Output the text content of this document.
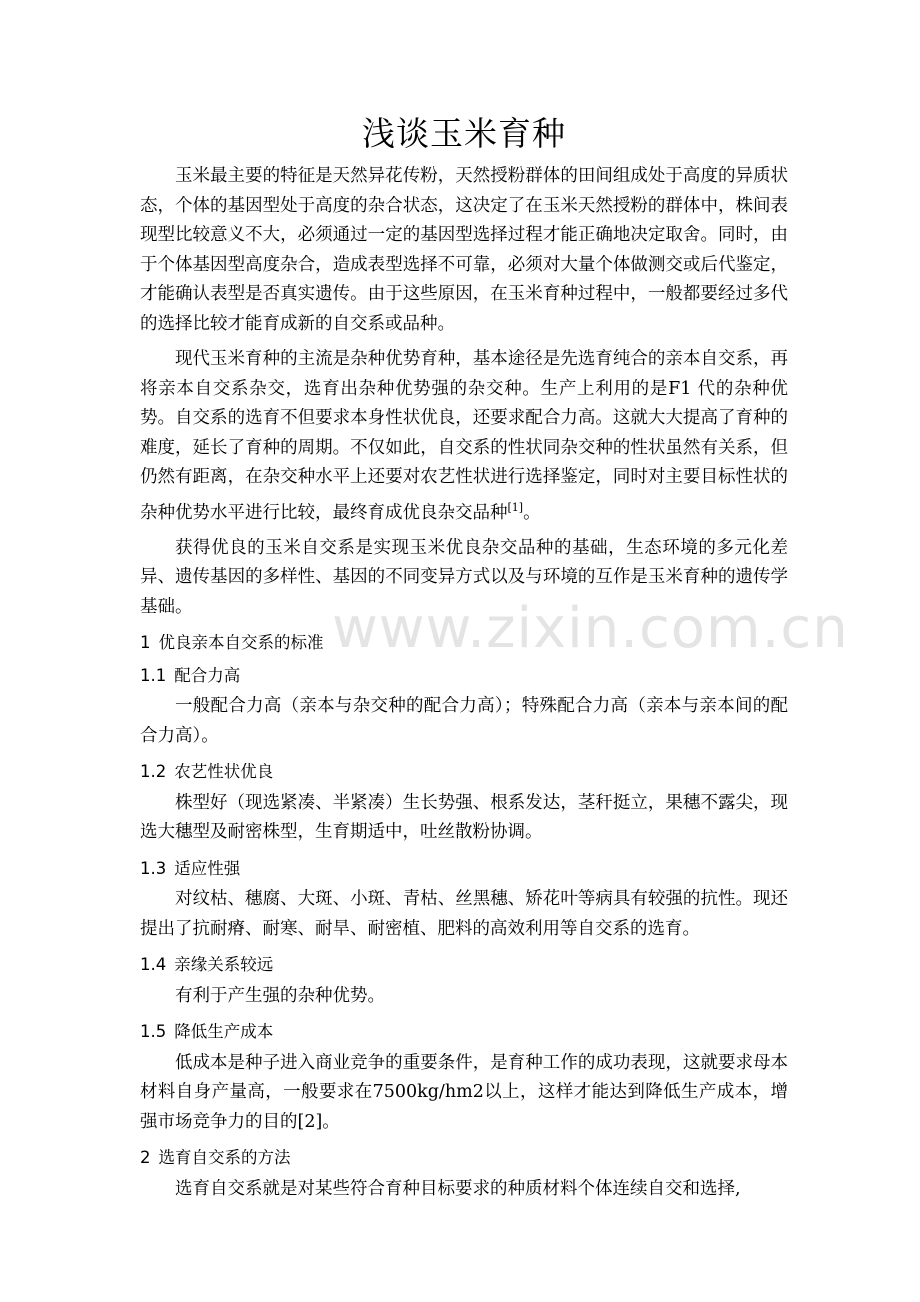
www.zixin.com.cn
浅谈玉米育种

玉米最主要的特征是天然异花传粉，天然授粉群体的田间组成处于高度的异质状态，个体的基因型处于高度的杂合状态，这决定了在玉米天然授粉的群体中，株间表现型比较意义不大，必须通过一定的基因型选择过程才能正确地决定取舍。同时，由于个体基因型高度杂合，造成表型选择不可靠，必须对大量个体做测交或后代鉴定，才能确认表型是否真实遗传。由于这些原因，在玉米育种过程中，一般都要经过多代的选择比较才能育成新的自交系或品种。

现代玉米育种的主流是杂种优势育种，基本途径是先选育纯合的亲本自交系，再将亲本自交系杂交，选育出杂种优势强的杂交种。生产上利用的是F1 代的杂种优势。自交系的选育不但要求本身性状优良，还要求配合力高。这就大大提高了育种的难度，延长了育种的周期。不仅如此，自交系的性状同杂交种的性状虽然有关系，但仍然有距离，在杂交种水平上还要对农艺性状进行选择鉴定，同时对主要目标性状的杂种优势水平进行比较，最终育成优良杂交品种[1]。

获得优良的玉米自交系是实现玉米优良杂交品种的基础，生态环境的多元化差异、遗传基因的多样性、基因的不同变异方式以及与环境的互作是玉米育种的遗传学基础。

1 优良亲本自交系的标准
1.1 配合力高

一般配合力高（亲本与杂交种的配合力高）；特殊配合力高（亲本与亲本间的配合力高）。

1.2 农艺性状优良

株型好（现选紧凑、半紧凑）生长势强、根系发达，茎秆挺立，果穗不露尖，现选大穗型及耐密株型，生育期适中，吐丝散粉协调。

1.3 适应性强

对纹枯、穗腐、大斑、小斑、青枯、丝黑穗、矫花叶等病具有较强的抗性。现还提出了抗耐瘠、耐寒、耐旱、耐密植、肥料的高效利用等自交系的选育。

1.4 亲缘关系较远

有利于产生强的杂种优势。

1.5 降低生产成本

低成本是种子进入商业竞争的重要条件，是育种工作的成功表现，这就要求母本材料自身产量高，一般要求在7500kg/hm2以上，这样才能达到降低生产成本，增强市场竞争力的目的[2]。

2 选育自交系的方法

选育自交系就是对某些符合育种目标要求的种质材料个体连续自交和选择,
